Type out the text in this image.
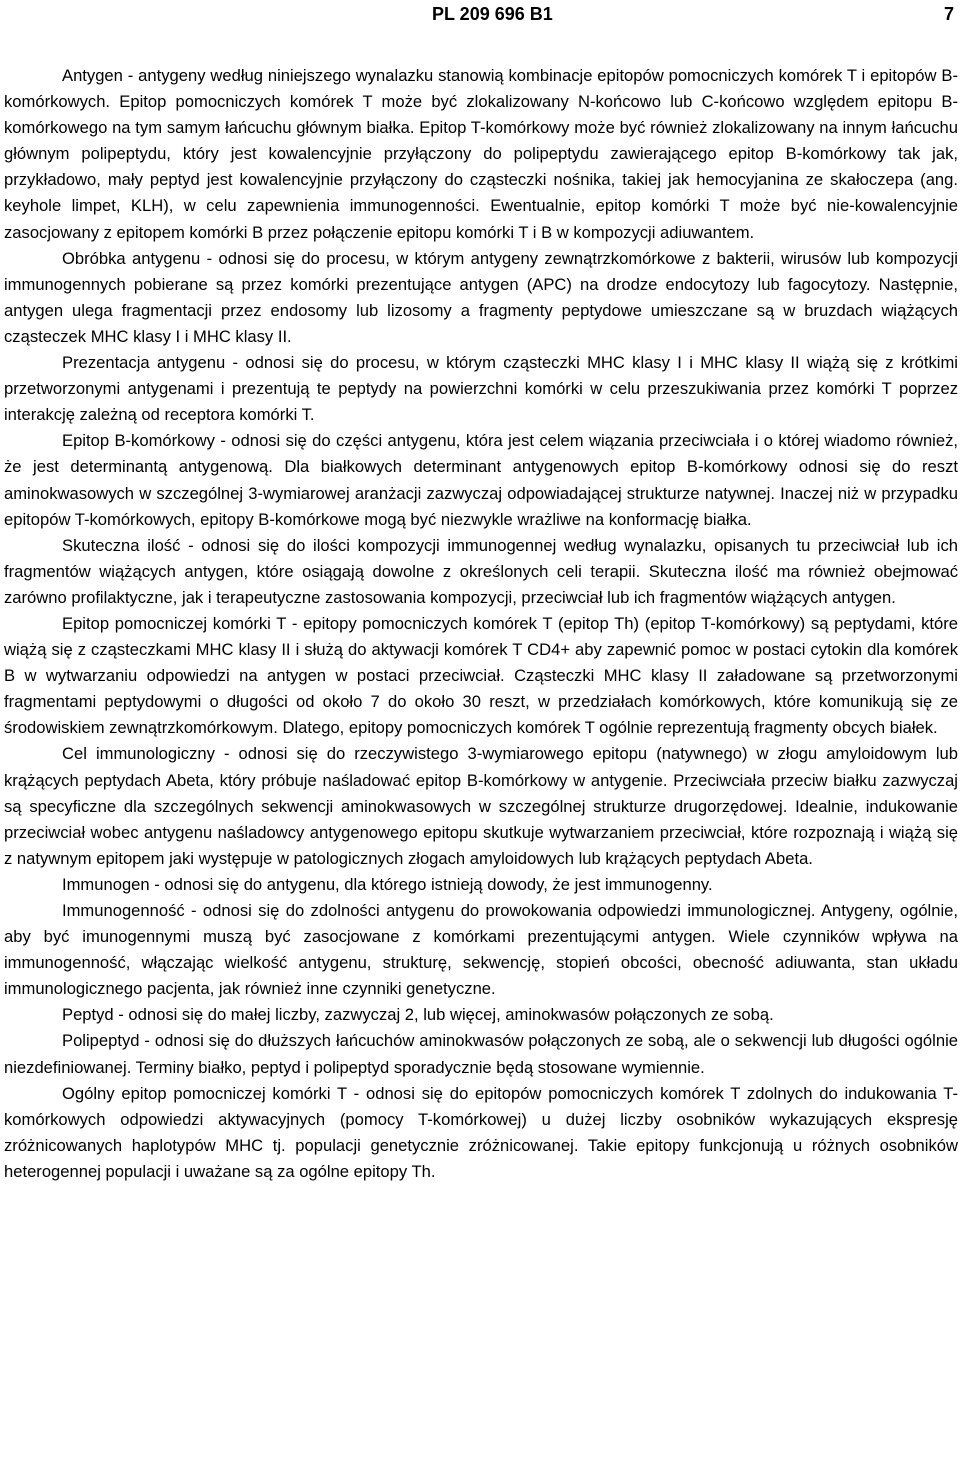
PL 209 696 B1	7

Antygen - antygeny według niniejszego wynalazku stanowią kombinacje epitopów pomocniczych komórek T i epitopów B-komórkowych. Epitop pomocniczych komórek T może być zlokalizowany N-końcowo lub C-końcowo względem epitopu B-komórkowego na tym samym łańcuchu głównym białka. Epitop T-komórkowy może być również zlokalizowany na innym łańcuchu głównym polipeptydu, który jest kowalencyjnie przyłączony do polipeptydu zawierającego epitop B-komórkowy tak jak, przykładowo, mały peptyd jest kowalencyjnie przyłączony do cząsteczki nośnika, takiej jak hemocyjanina ze skałoczepa (ang. keyhole limpet, KLH), w celu zapewnienia immunogenności. Ewentualnie, epitop komórki T może być nie-kowalencyjnie zasocjowany z epitopem komórki B przez połączenie epitopu komórki T i B w kompozycji adiuwantem.

Obróbka antygenu - odnosi się do procesu, w którym antygeny zewnątrzkomórkowe z bakterii, wirusów lub kompozycji immunogennych pobierane są przez komórki prezentujące antygen (APC) na drodze endocytozy lub fagocytozy. Następnie, antygen ulega fragmentacji przez endosomy lub lizosomy a fragmenty peptydowe umieszczane są w bruzdach wiążących cząsteczek MHC klasy I i MHC klasy II.

Prezentacja antygenu - odnosi się do procesu, w którym cząsteczki MHC klasy I i MHC klasy II wiążą się z krótkimi przetworzonymi antygenami i prezentują te peptydy na powierzchni komórki w celu przeszukiwania przez komórki T poprzez interakcję zależną od receptora komórki T.

Epitop B-komórkowy - odnosi się do części antygenu, która jest celem wiązania przeciwciała i o której wiadomo również, że jest determinantą antygenową. Dla białkowych determinant antygenowych epitop B-komórkowy odnosi się do reszt aminokwasowych w szczególnej 3-wymiarowej aranżacji zazwyczaj odpowiadającej strukturze natywnej. Inaczej niż w przypadku epitopów T-komórkowych, epitopy B-komórkowe mogą być niezwykle wrażliwe na konformację białka.

Skuteczna ilość - odnosi się do ilości kompozycji immunogennej według wynalazku, opisanych tu przeciwciał lub ich fragmentów wiążących antygen, które osiągają dowolne z określonych celi terapii. Skuteczna ilość ma również obejmować zarówno profilaktyczne, jak i terapeutyczne zastosowania kompozycji, przeciwciał lub ich fragmentów wiążących antygen.

Epitop pomocniczej komórki T - epitopy pomocniczych komórek T (epitop Th) (epitop T-komórkowy) są peptydami, które wiążą się z cząsteczkami MHC klasy II i służą do aktywacji komórek T CD4+ aby zapewnić pomoc w postaci cytokin dla komórek B w wytwarzaniu odpowiedzi na antygen w postaci przeciwciał. Cząsteczki MHC klasy II załadowane są przetworzonymi fragmentami peptydowymi o długości od około 7 do około 30 reszt, w przedziałach komórkowych, które komunikują się ze środowiskiem zewnątrzkomórkowym. Dlatego, epitopy pomocniczych komórek T ogólnie reprezentują fragmenty obcych białek.

Cel immunologiczny - odnosi się do rzeczywistego 3-wymiarowego epitopu (natywnego) w złogu amyloidowym lub krążących peptydach Abeta, który próbuje naśladować epitop B-komórkowy w antygenie. Przeciwciała przeciw białku zazwyczaj są specyficzne dla szczególnych sekwencji aminokwasowych w szczególnej strukturze drugorzędowej. Idealnie, indukowanie przeciwciał wobec antygenu naśladowcy antygenowego epitopu skutkuje wytwarzaniem przeciwciał, które rozpoznają i wiążą się z natywnym epitopem jaki występuje w patologicznych złogach amyloidowych lub krążących peptydach Abeta.

Immunogen - odnosi się do antygenu, dla którego istnieją dowody, że jest immunogenny.

Immunogenność - odnosi się do zdolności antygenu do prowokowania odpowiedzi immunologicznej. Antygeny, ogólnie, aby być imunogennymi muszą być zasocjowane z komórkami prezentującymi antygen. Wiele czynników wpływa na immunogenność, włączając wielkość antygenu, strukturę, sekwencję, stopień obcości, obecność adiuwanta, stan układu immunologicznego pacjenta, jak również inne czynniki genetyczne.

Peptyd - odnosi się do małej liczby, zazwyczaj 2, lub więcej, aminokwasów połączonych ze sobą.

Polipeptyd - odnosi się do dłuższych łańcuchów aminokwasów połączonych ze sobą, ale o sekwencji lub długości ogólnie niezdefiniowanej. Terminy białko, peptyd i polipeptyd sporadycznie będą stosowane wymiennie.

Ogólny epitop pomocniczej komórki T - odnosi się do epitopów pomocniczych komórek T zdolnych do indukowania T-komórkowych odpowiedzi aktywacyjnych (pomocy T-komórkowej) u dużej liczby osobników wykazujących ekspresję zróżnicowanych haplotypów MHC tj. populacji genetycznie zróżnicowanej. Takie epitopy funkcjonują u różnych osobników heterogennej populacji i uważane są za ogólne epitopy Th.
